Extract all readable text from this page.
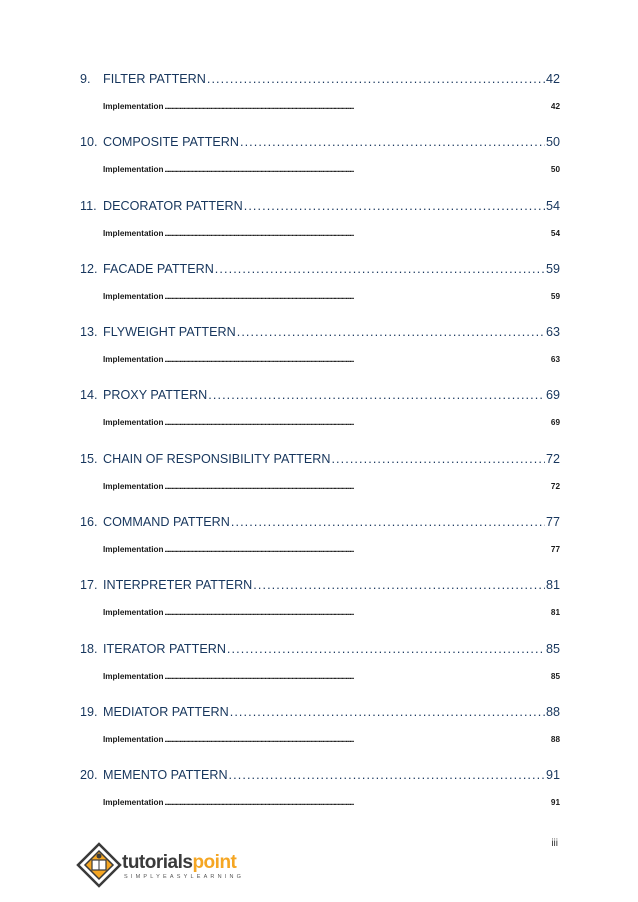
9. FILTER PATTERN . . .	42
Implementation . . .	42
10. COMPOSITE PATTERN . . .	50
Implementation . . .	50
11. DECORATOR PATTERN . . .	54
Implementation . . .	54
12. FACADE PATTERN . . .	59
Implementation . . .	59
13. FLYWEIGHT PATTERN . . .	63
Implementation . . .	63
14. PROXY PATTERN . . .	69
Implementation . . .	69
15. CHAIN OF RESPONSIBILITY PATTERN . . .	72
Implementation . . .	72
16. COMMAND PATTERN . . .	77
Implementation . . .	77
17. INTERPRETER PATTERN . . .	81
Implementation . . .	81
18. ITERATOR PATTERN . . .	85
Implementation . . .	85
19. MEDIATOR PATTERN . . .	88
Implementation . . .	88
20. MEMENTO PATTERN . . .	91
Implementation . . .	91
iii
tutorialspoint
SIMPLYEASYLEARNING
